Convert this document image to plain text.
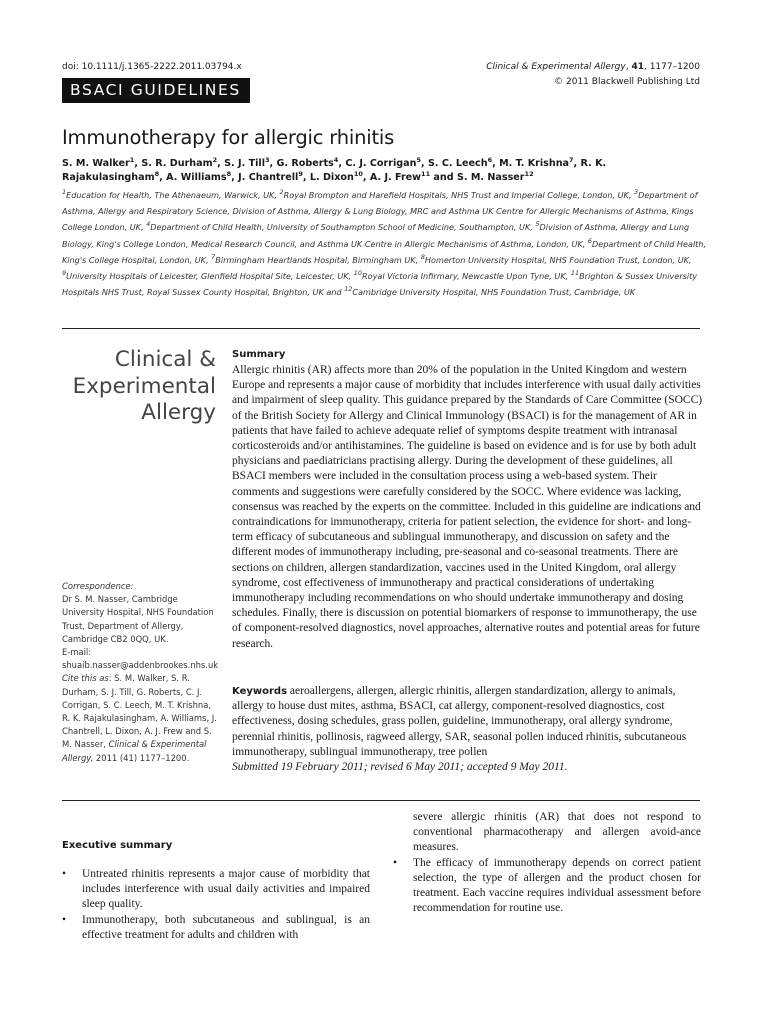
doi: 10.1111/j.1365-2222.2011.03794.x	Clinical & Experimental Allergy, 41, 1177–1200
© 2011 Blackwell Publishing Ltd
BSACI GUIDELINES
Immunotherapy for allergic rhinitis
S. M. Walker$^1$, S. R. Durham$^2$, S. J. Till$^3$, G. Roberts$^4$, C. J. Corrigan$^5$, S. C. Leech$^6$, M. T. Krishna$^7$, R. K. Rajakulasingham$^8$, A. Williams$^8$, J. Chantrell$^9$, L. Dixon$^{10}$, A. J. Frew$^{11}$ and S. M. Nasser$^{12}$
$^1$Education for Health, The Athenaeum, Warwick, UK, $^2$Royal Brompton and Harefield Hospitals, NHS Trust and Imperial College, London, UK, $^3$Department of Asthma, Allergy and Respiratory Science, Division of Asthma, Allergy & Lung Biology, MRC and Asthma UK Centre for Allergic Mechanisms of Asthma, Kings College London, UK, $^4$Department of Child Health, University of Southampton School of Medicine, Southampton, UK, $^5$Division of Asthma, Allergy and Lung Biology, King's College London, Medical Research Council, and Asthma UK Centre in Allergic Mechanisms of Asthma, London, UK, $^6$Department of Child Health, King's College Hospital, London, UK, $^7$Birmingham Heartlands Hospital, Birmingham UK, $^8$Homerton University Hospital, NHS Foundation Trust, London, UK, $^9$University Hospitals of Leicester, Glenfield Hospital Site, Leicester, UK, $^{10}$Royal Victoria Infirmary, Newcastle Upon Tyne, UK, $^{11}$Brighton & Sussex University Hospitals NHS Trust, Royal Sussex County Hospital, Brighton, UK and $^{12}$Cambridge University Hospital, NHS Foundation Trust, Cambridge, UK
Clinical &
Experimental
Allergy
Correspondence:
Dr S. M. Nasser, Cambridge University Hospital, NHS Foundation Trust, Department of Allergy, Cambridge CB2 0QQ, UK.
E-mail:
shuaib.nasser@addenbrookes.nhs.uk
Cite this as: S. M. Walker, S. R. Durham, S. J. Till, G. Roberts, C. J. Corrigan, S. C. Leech, M. T. Krishna, R. K. Rajakulasingham, A. Williams, J. Chantrell, L. Dixon, A. J. Frew and S. M. Nasser, Clinical & Experimental Allergy, 2011 (41) 1177–1200.
Summary

Allergic rhinitis (AR) affects more than 20% of the population in the United Kingdom and western Europe and represents a major cause of morbidity that includes interference with usual daily activities and impairment of sleep quality. This guidance prepared by the Standards of Care Committee (SOCC) of the British Society for Allergy and Clinical Immunology (BSACI) is for the management of AR in patients that have failed to achieve adequate relief of symptoms despite treatment with intranasal corticosteroids and/or antihistamines. The guideline is based on evidence and is for use by both adult physicians and paediatricians practising allergy. During the development of these guidelines, all BSACI members were included in the consultation process using a web-based system. Their comments and suggestions were carefully considered by the SOCC. Where evidence was lacking, consensus was reached by the experts on the committee. Included in this guideline are indications and contraindications for immunotherapy, criteria for patient selection, the evidence for short- and long-term efficacy of subcutaneous and sublingual immunotherapy, and discussion on safety and the different modes of immunotherapy including, pre-seasonal and co-seasonal treatments. There are sections on children, allergen standardization, vaccines used in the United Kingdom, oral allergy syndrome, cost effectiveness of immunotherapy and practical considerations of undertaking immunotherapy including recommendations on who should undertake immunotherapy and dosing schedules. Finally, there is discussion on potential biomarkers of response to immunotherapy, the use of component-resolved diagnostics, novel approaches, alternative routes and potential areas for future research.

Keywords aeroallergens, allergen, allergic rhinitis, allergen standardization, allergy to animals, allergy to house dust mites, asthma, BSACI, cat allergy, component-resolved diagnostics, cost effectiveness, dosing schedules, grass pollen, guideline, immunotherapy, oral allergy syndrome, perennial rhinitis, pollinosis, ragweed allergy, SAR, seasonal pollen induced rhinitis, subcutaneous immunotherapy, sublingual immunotherapy, tree pollen
Submitted 19 February 2011; revised 6 May 2011; accepted 9 May 2011.

Executive summary
• Untreated rhinitis represents a major cause of morbidity that includes interference with usual daily activities and impaired sleep quality.
• Immunotherapy, both subcutaneous and sublingual, is an effective treatment for adults and children with

severe allergic rhinitis (AR) that does not respond to conventional pharmacotherapy and allergen avoid-ance measures.

• The efficacy of immunotherapy depends on correct patient selection, the type of allergen and the product chosen for treatment. Each vaccine requires individual assessment before recommendation for routine use.
